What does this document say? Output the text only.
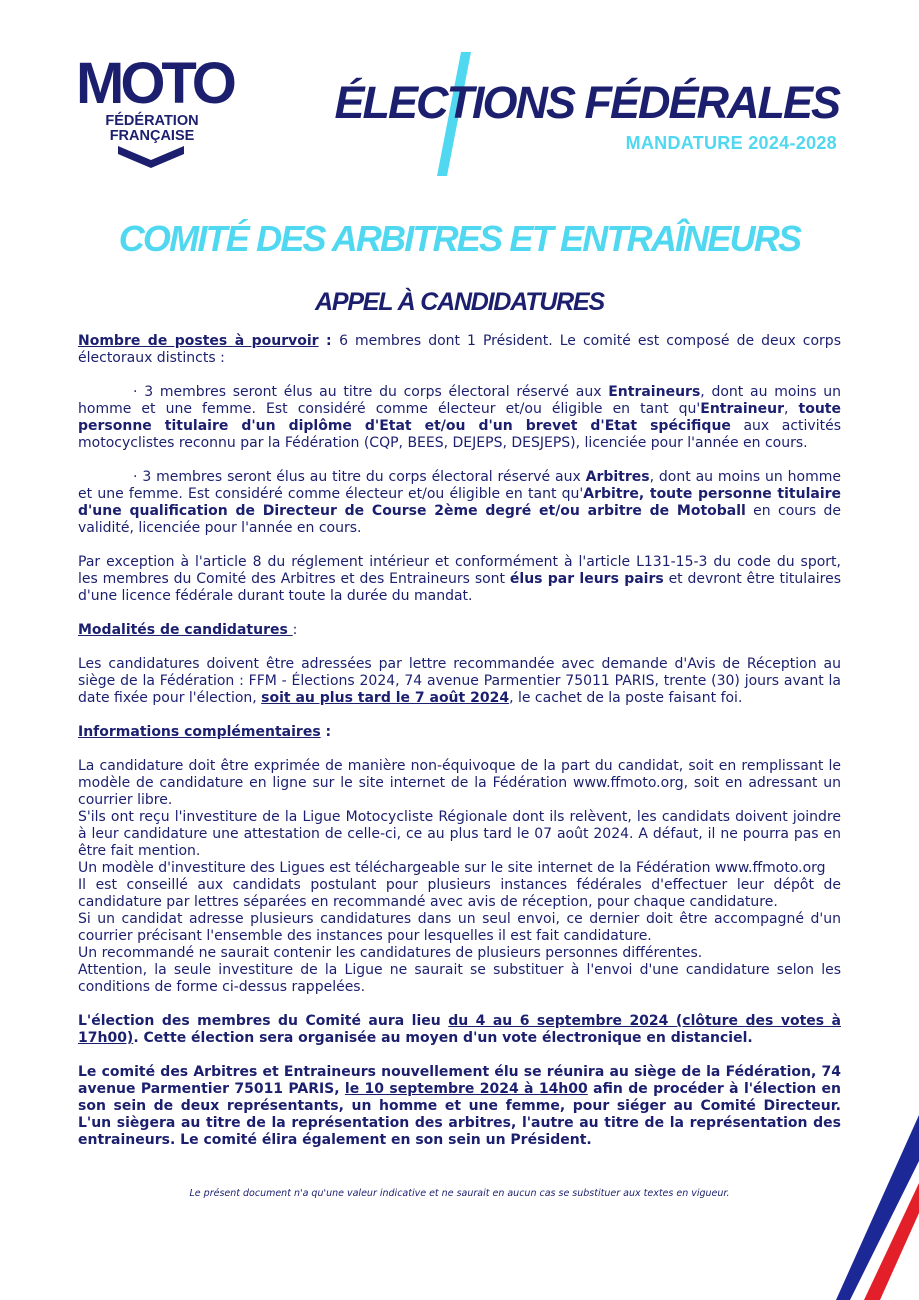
MOTO
FÉDÉRATION
FRANÇAISE
ÉLECTIONS FÉDÉRALES
MANDATURE 2024-2028
COMITÉ DES ARBITRES ET ENTRAÎNEURS
APPEL À CANDIDATURES

Nombre de postes à pourvoir : 6 membres dont 1 Président. Le comité est composé de deux corps électoraux distincts :

· 3 membres seront élus au titre du corps électoral réservé aux Entraineurs, dont au moins un homme et une femme. Est considéré comme électeur et/ou éligible en tant qu'Entraineur, toute personne titulaire d'un diplôme d'Etat et/ou d'un brevet d'Etat spécifique aux activités motocyclistes reconnu par la Fédération (CQP, BEES, DEJEPS, DESJEPS), licenciée pour l'année en cours.

· 3 membres seront élus au titre du corps électoral réservé aux Arbitres, dont au moins un homme et une femme. Est considéré comme électeur et/ou éligible en tant qu'Arbitre, toute personne titulaire d'une qualification de Directeur de Course 2ème degré et/ou arbitre de Motoball en cours de validité, licenciée pour l'année en cours.

Par exception à l'article 8 du réglement intérieur et conformément à l'article L131-15-3 du code du sport, les membres du Comité des Arbitres et des Entraineurs sont élus par leurs pairs et devront être titulaires d'une licence fédérale durant toute la durée du mandat.

Modalités de candidatures :

Les candidatures doivent être adressées par lettre recommandée avec demande d'Avis de Réception au siège de la Fédération : FFM - Élections 2024, 74 avenue Parmentier 75011 PARIS, trente (30) jours avant la date fixée pour l'élection, soit au plus tard le 7 août 2024, le cachet de la poste faisant foi.

Informations complémentaires :

La candidature doit être exprimée de manière non-équivoque de la part du candidat, soit en remplissant le modèle de candidature en ligne sur le site internet de la Fédération www.ffmoto.org, soit en adressant un courrier libre.

S'ils ont reçu l'investiture de la Ligue Motocycliste Régionale dont ils relèvent, les candidats doivent joindre à leur candidature une attestation de celle-ci, ce au plus tard le 07 août 2024. A défaut, il ne pourra pas en être fait mention.

Un modèle d'investiture des Ligues est téléchargeable sur le site internet de la Fédération www.ffmoto.org

Il est conseillé aux candidats postulant pour plusieurs instances fédérales d'effectuer leur dépôt de candidature par lettres séparées en recommandé avec avis de réception, pour chaque candidature.

Si un candidat adresse plusieurs candidatures dans un seul envoi, ce dernier doit être accompagné d'un courrier précisant l'ensemble des instances pour lesquelles il est fait candidature.

Un recommandé ne saurait contenir les candidatures de plusieurs personnes différentes.

Attention, la seule investiture de la Ligue ne saurait se substituer à l'envoi d'une candidature selon les conditions de forme ci-dessus rappelées.

L'élection des membres du Comité aura lieu du 4 au 6 septembre 2024 (clôture des votes à 17h00). Cette élection sera organisée au moyen d'un vote électronique en distanciel.

Le comité des Arbitres et Entraineurs nouvellement élu se réunira au siège de la Fédération, 74 avenue Parmentier 75011 PARIS, le 10 septembre 2024 à 14h00 afin de procéder à l'élection en son sein de deux représentants, un homme et une femme, pour siéger au Comité Directeur. L'un siègera au titre de la représentation des arbitres, l'autre au titre de la représentation des entraineurs. Le comité élira également en son sein un Président.

Le présent document n'a qu'une valeur indicative et ne saurait en aucun cas se substituer aux textes en vigueur.
